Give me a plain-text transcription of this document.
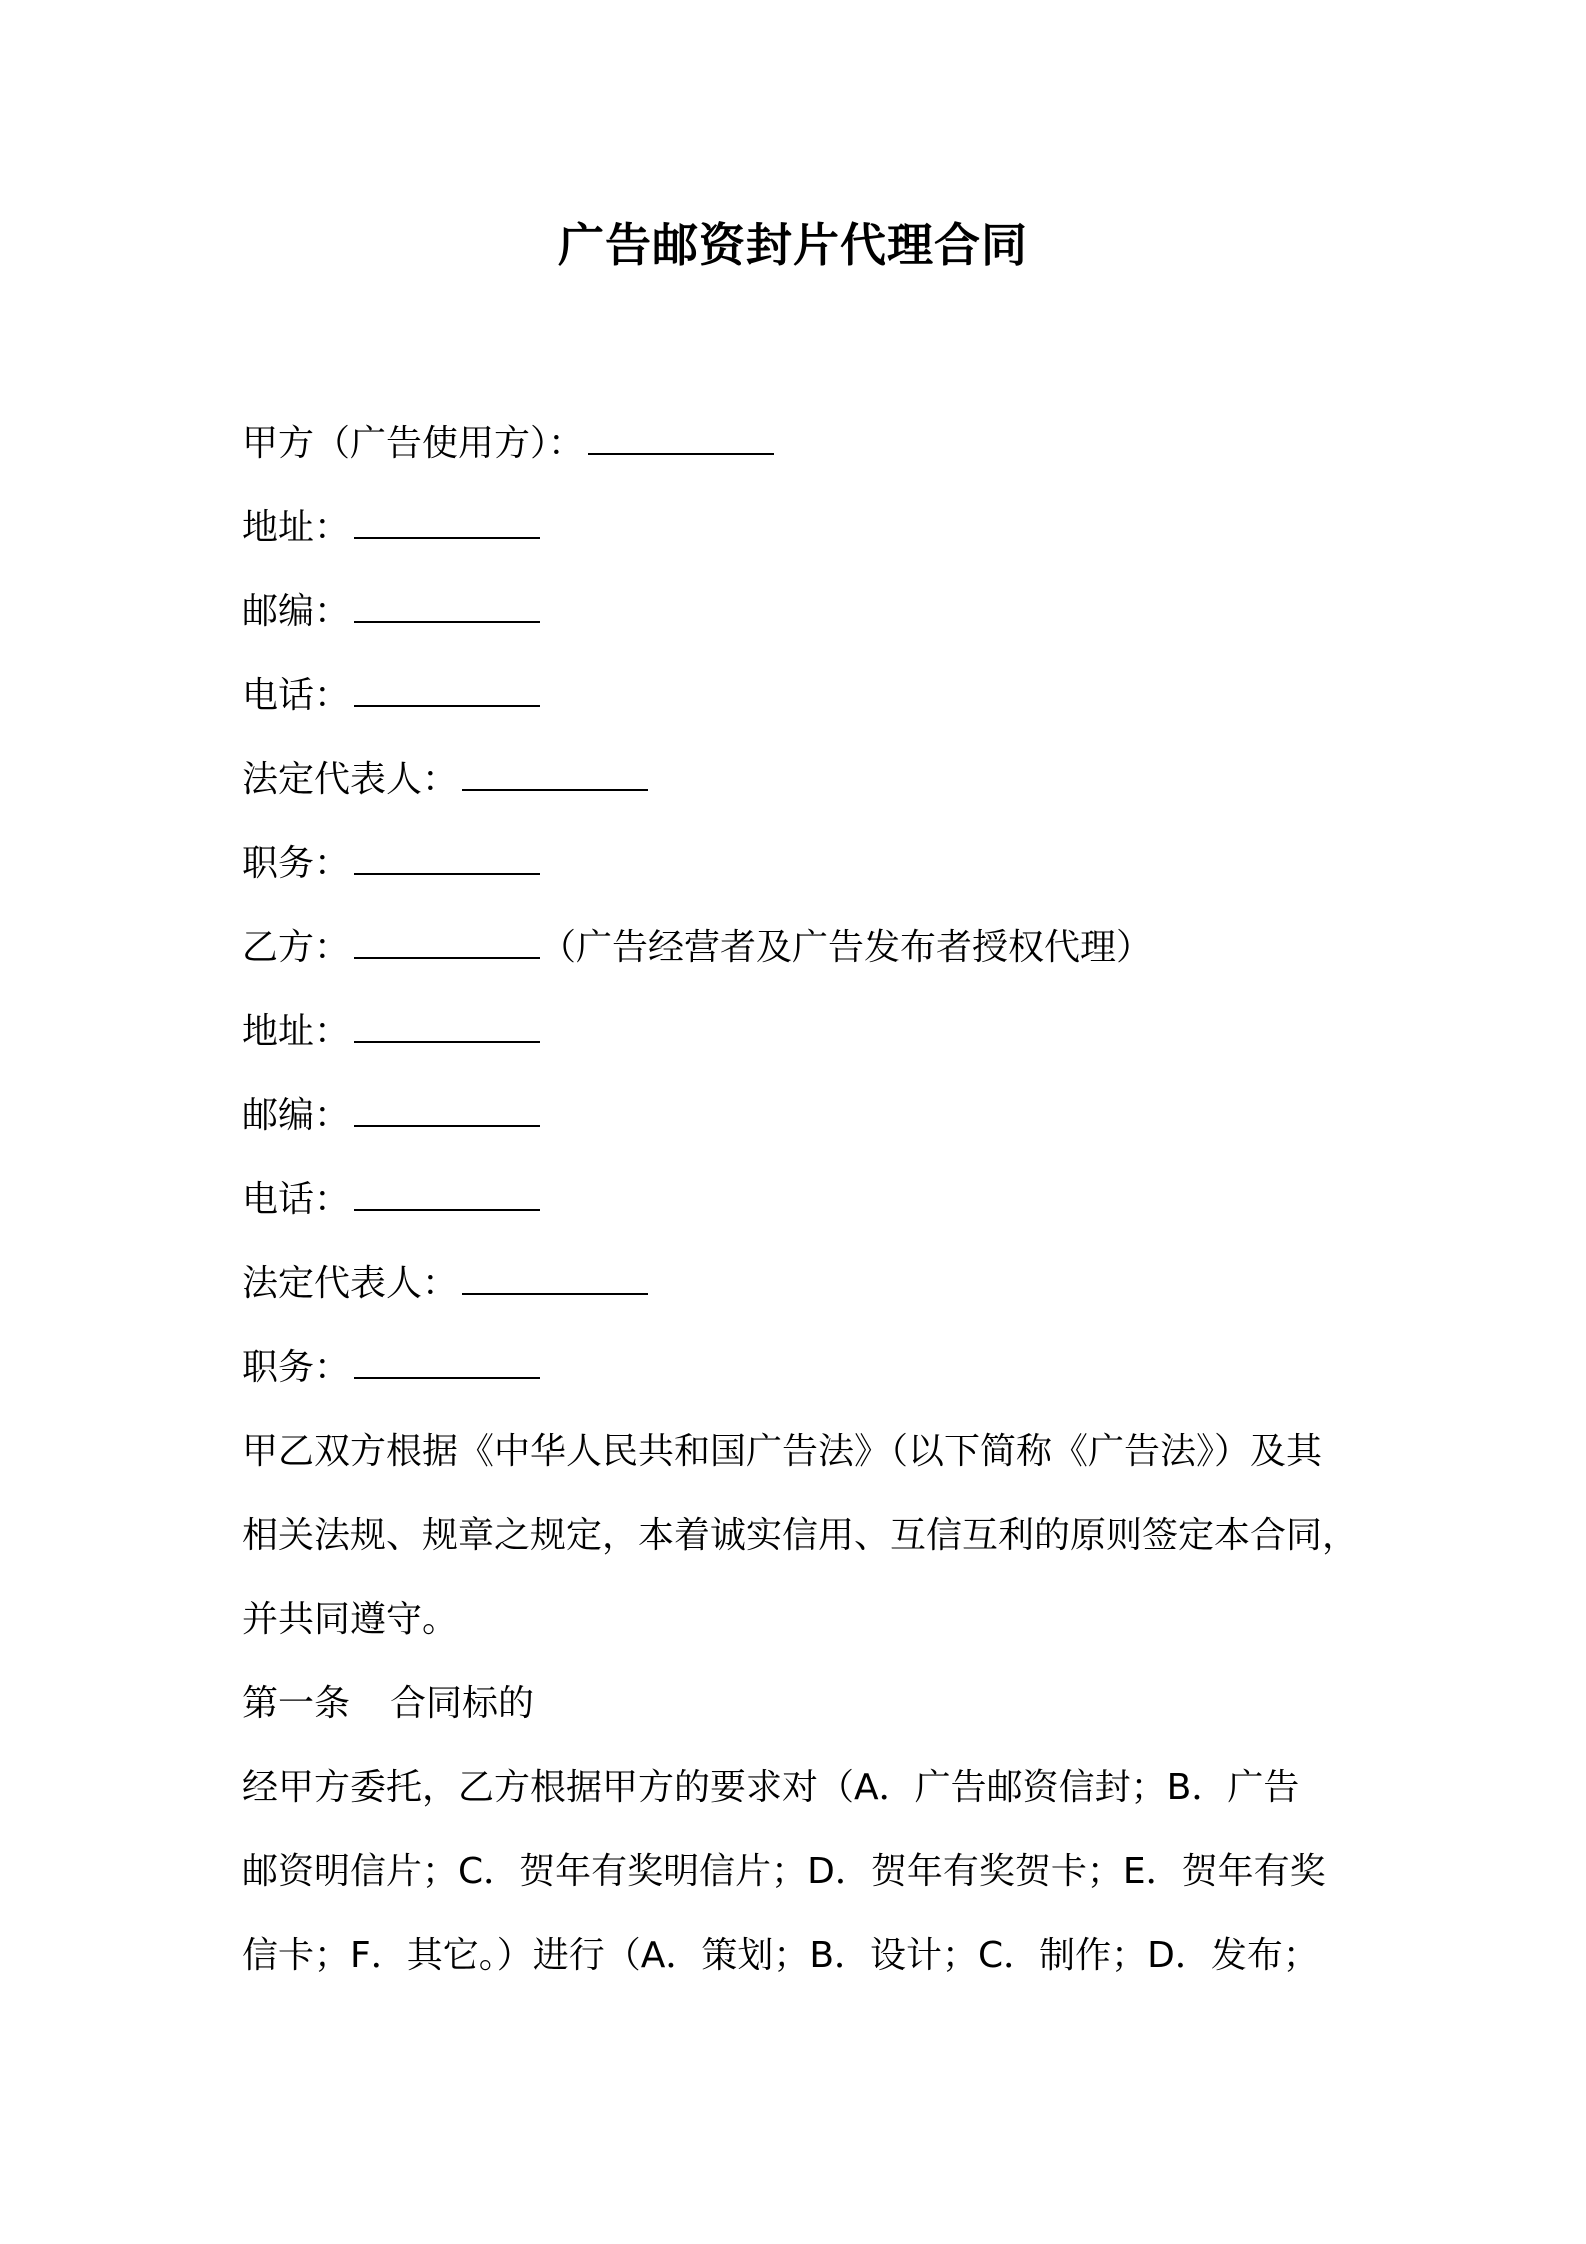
广告邮资封片代理合同
甲方（广告使用方）：
地址：
邮编：
电话：
法定代表人：
职务：
乙方：	（广告经营者及广告发布者授权代理）
地址：
邮编：
电话：
法定代表人：
职务：
甲乙双方根据《中华人民共和国广告法》（以下简称《广告法》）及其
相关法规、规章之规定，本着诚实信用、互信互利的原则签定本合同，
并共同遵守。
第一条 合同标的
经甲方委托，乙方根据甲方的要求对（A．广告邮资信封；B．广告
邮资明信片；C．贺年有奖明信片；D．贺年有奖贺卡；E．贺年有奖
信卡；F．其它。）进行（A．策划；B．设计；C．制作；D．发布；
